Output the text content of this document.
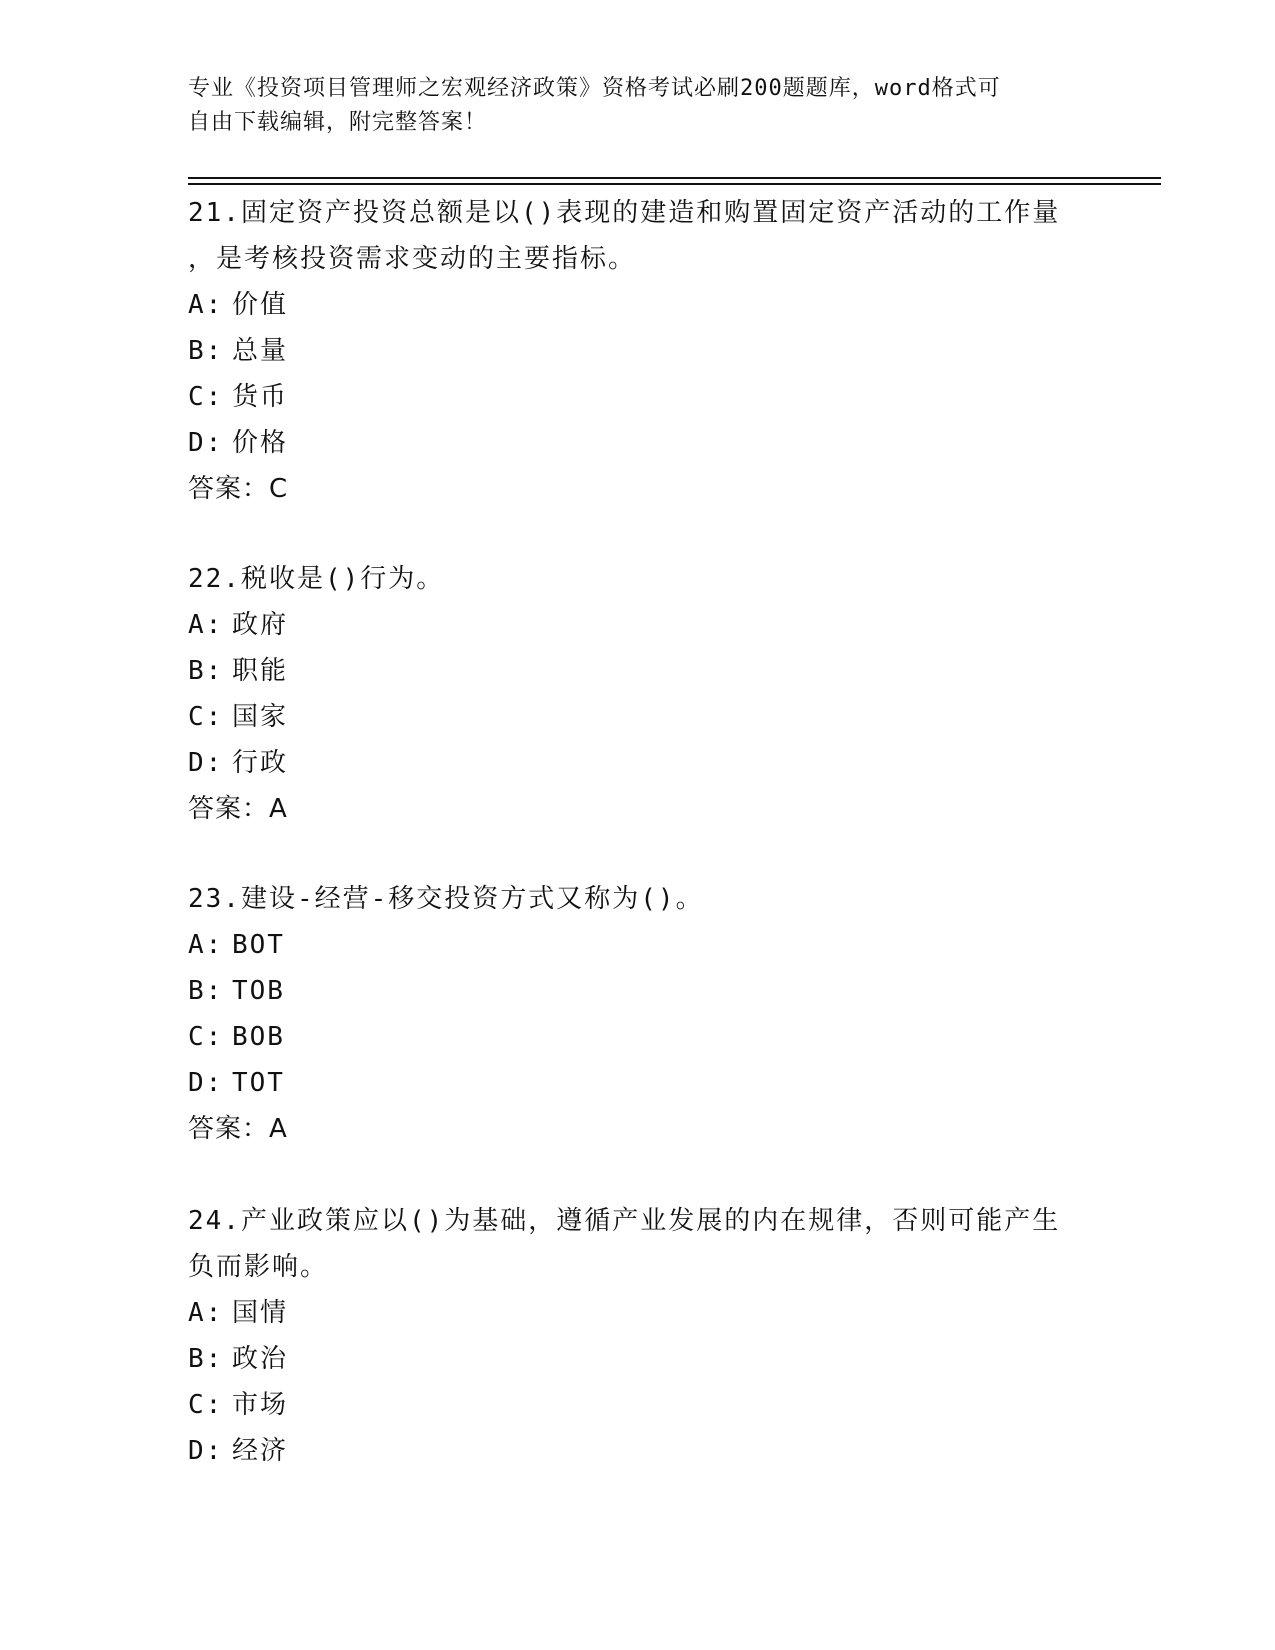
专业《投资项目管理师之宏观经济政策》资格考试必刷200题题库，word格式可
自由下载编辑，附完整答案！

21.固定资产投资总额是以()表现的建造和购置固定资产活动的工作量

，是考核投资需求变动的主要指标。

A: 价值

B: 总量

C: 货币

D: 价格

答案：C

22.税收是()行为。

A: 政府

B: 职能

C: 国家

D: 行政

答案：A

23.建设-经营-移交投资方式又称为()。

A: BOT

B: TOB

C: BOB

D: TOT

答案：A

24.产业政策应以()为基础，遵循产业发展的内在规律，否则可能产生

负而影响。

A: 国情

B: 政治

C: 市场

D: 经济
